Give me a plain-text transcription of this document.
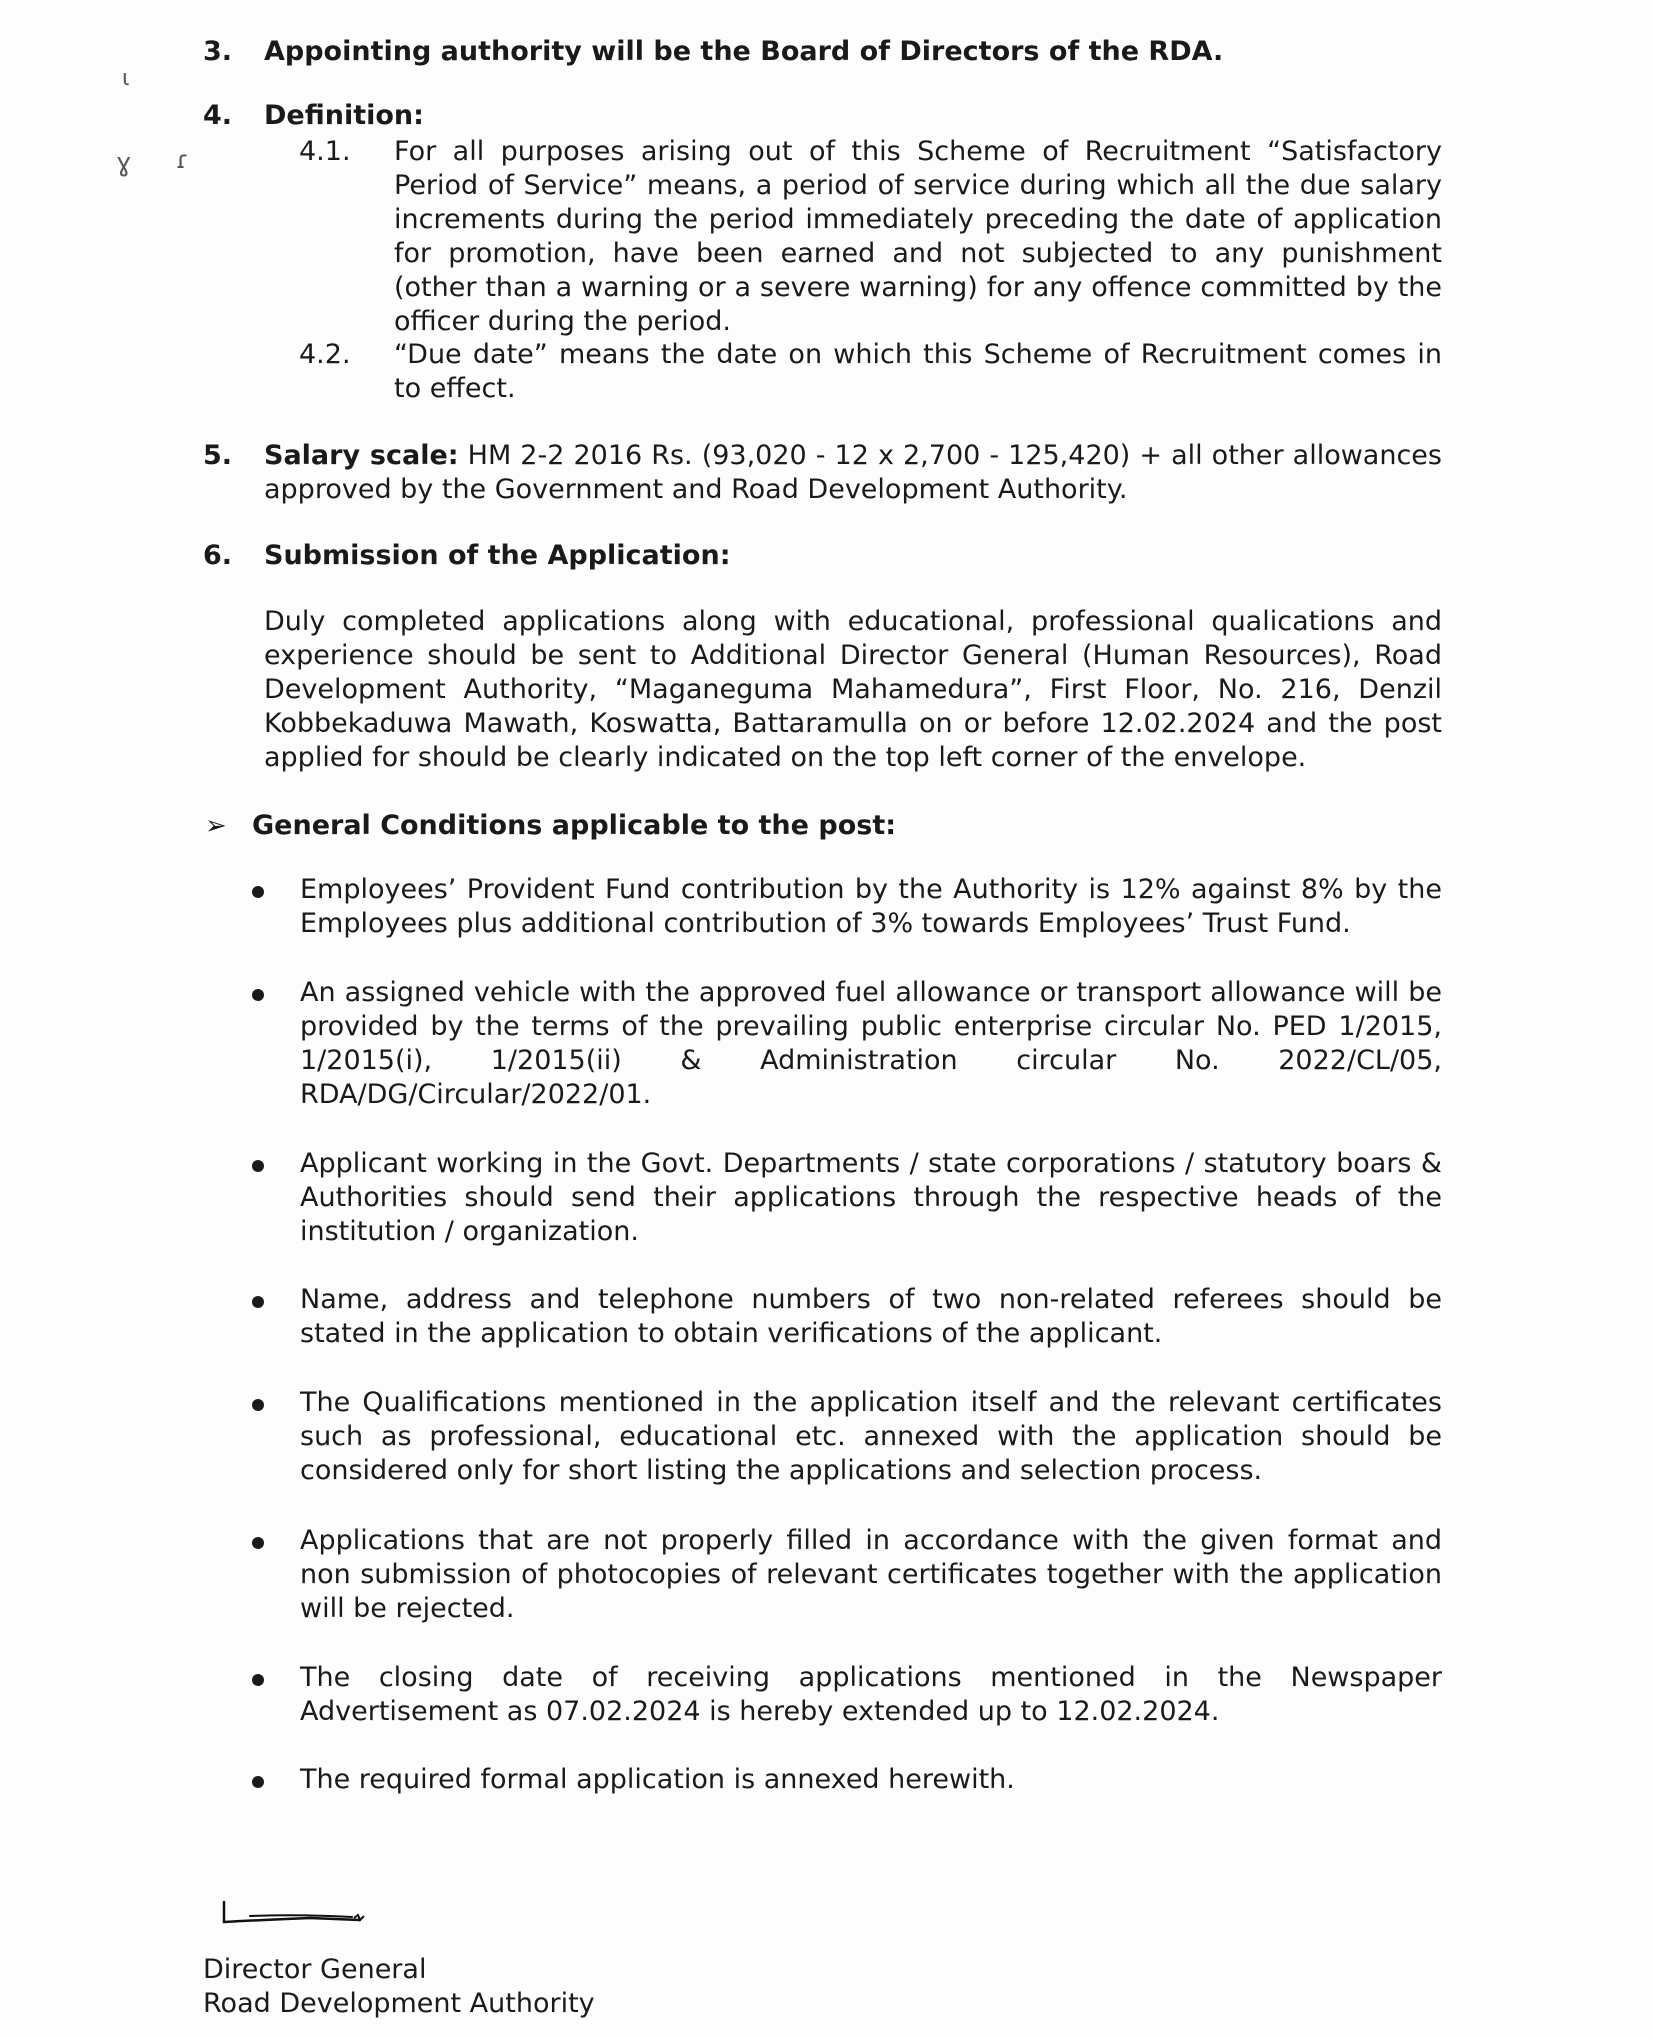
ι
ɣ ɾ
3. Appointing authority will be the Board of Directors of the RDA.
4. Definition:
4.1. For all purposes arising out of this Scheme of Recruitment “Satisfactory Period of Service” means, a period of service during which all the due salary increments during the period immediately preceding the date of application for promotion, have been earned and not subjected to any punishment (other than a warning or a severe warning) for any offence committed by the officer during the period.
4.2. “Due date” means the date on which this Scheme of Recruitment comes in to effect.
5. Salary scale: HM 2-2 2016 Rs. (93,020 - 12 x 2,700 - 125,420) + all other allowances approved by the Government and Road Development Authority.
6. Submission of the Application:
Duly completed applications along with educational, professional qualications and experience should be sent to Additional Director General (Human Resources), Road Development Authority, “Maganeguma Mahamedura”, First Floor, No. 216, Denzil Kobbekaduwa Mawath, Koswatta, Battaramulla on or before 12.02.2024 and the post applied for should be clearly indicated on the top left corner of the envelope.
➢ General Conditions applicable to the post:
Employees’ Provident Fund contribution by the Authority is 12% against 8% by the Employees plus additional contribution of 3% towards Employees’ Trust Fund.
An assigned vehicle with the approved fuel allowance or transport allowance will be provided by the terms of the prevailing public enterprise circular No. PED 1/2015, 1/2015(i), 1/2015(ii) & Administration circular No. 2022/CL/05, RDA/DG/Circular/2022/01.
Applicant working in the Govt. Departments / state corporations / statutory boars & Authorities should send their applications through the respective heads of the institution / organization.
Name, address and telephone numbers of two non-related referees should be stated in the application to obtain verifications of the applicant.
The Qualifications mentioned in the application itself and the relevant certificates such as professional, educational etc. annexed with the application should be considered only for short listing the applications and selection process.
Applications that are not properly filled in accordance with the given format and non submission of photocopies of relevant certificates together with the application will be rejected.
The closing date of receiving applications mentioned in the Newspaper Advertisement as 07.02.2024 is hereby extended up to 12.02.2024.
The required formal application is annexed herewith.
Director General
Road Development Authority
